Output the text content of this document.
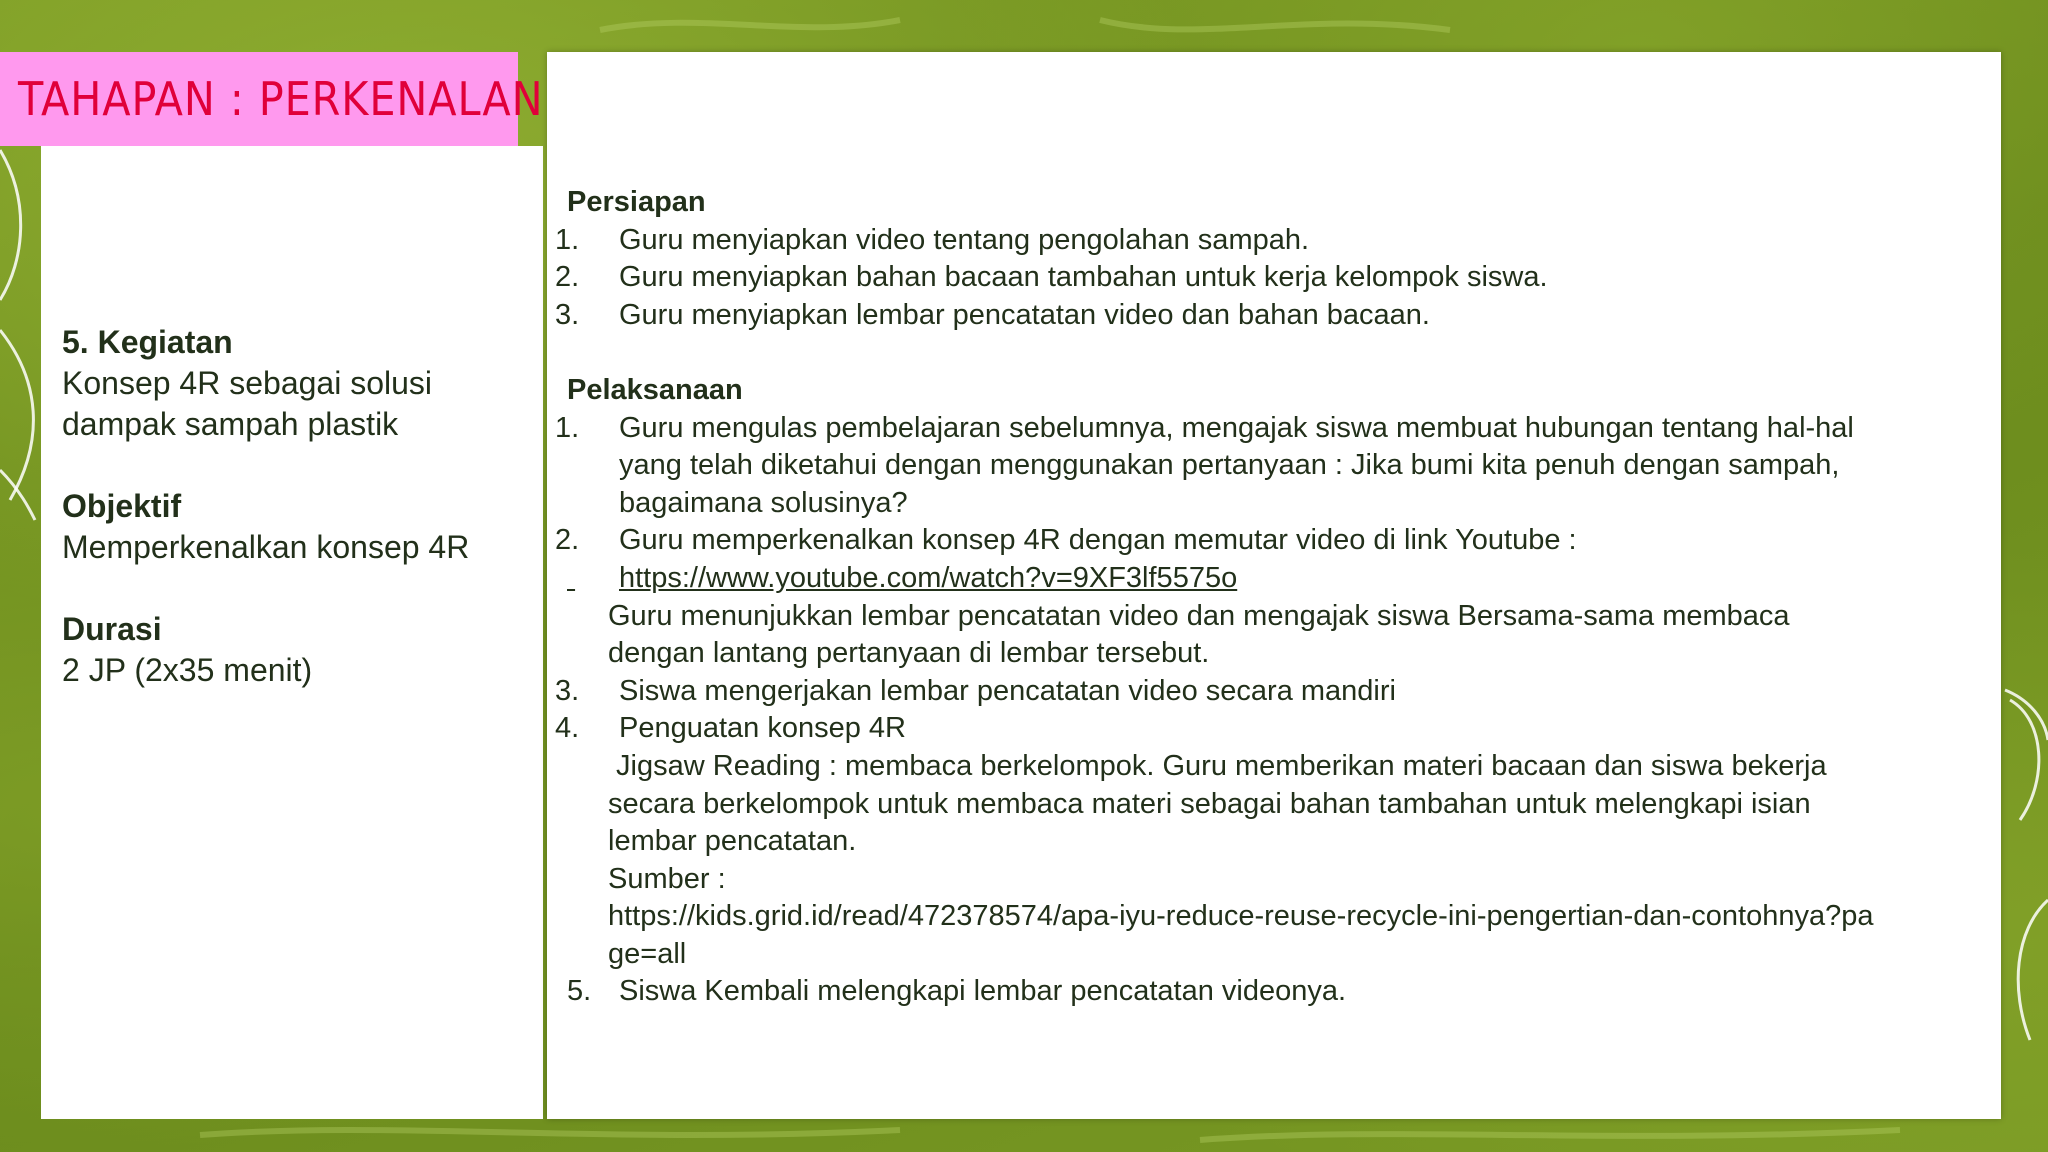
TAHAPAN : PERKENALAN
5. Kegiatan
Konsep 4R sebagai solusi
dampak sampah plastik
Objektif
Memperkenalkan konsep 4R
Durasi
2 JP (2x35 menit)
Persiapan
1.	Guru menyiapkan video tentang pengolahan sampah.
2.	Guru menyiapkan bahan bacaan tambahan untuk kerja kelompok siswa.
3.	Guru menyiapkan lembar pencatatan video dan bahan bacaan.
Pelaksanaan
1.	Guru mengulas pembelajaran sebelumnya, mengajak siswa membuat hubungan tentang hal-hal
yang telah diketahui dengan menggunakan pertanyaan : Jika bumi kita penuh dengan sampah,
bagaimana solusinya?
2.	Guru memperkenalkan konsep 4R dengan memutar video di link Youtube :
https://www.youtube.com/watch?v=9XF3lf5575o
Guru menunjukkan lembar pencatatan video dan mengajak siswa Bersama-sama membaca
dengan lantang pertanyaan di lembar tersebut.
3.	Siswa mengerjakan lembar pencatatan video secara mandiri
4.	Penguatan konsep 4R
Jigsaw Reading : membaca berkelompok. Guru memberikan materi bacaan dan siswa bekerja
secara berkelompok untuk membaca materi sebagai bahan tambahan untuk melengkapi isian
lembar pencatatan.
Sumber :
https://kids.grid.id/read/472378574/apa-iyu-reduce-reuse-recycle-ini-pengertian-dan-contohnya?pa
ge=all
5. Siswa Kembali melengkapi lembar pencatatan videonya.
